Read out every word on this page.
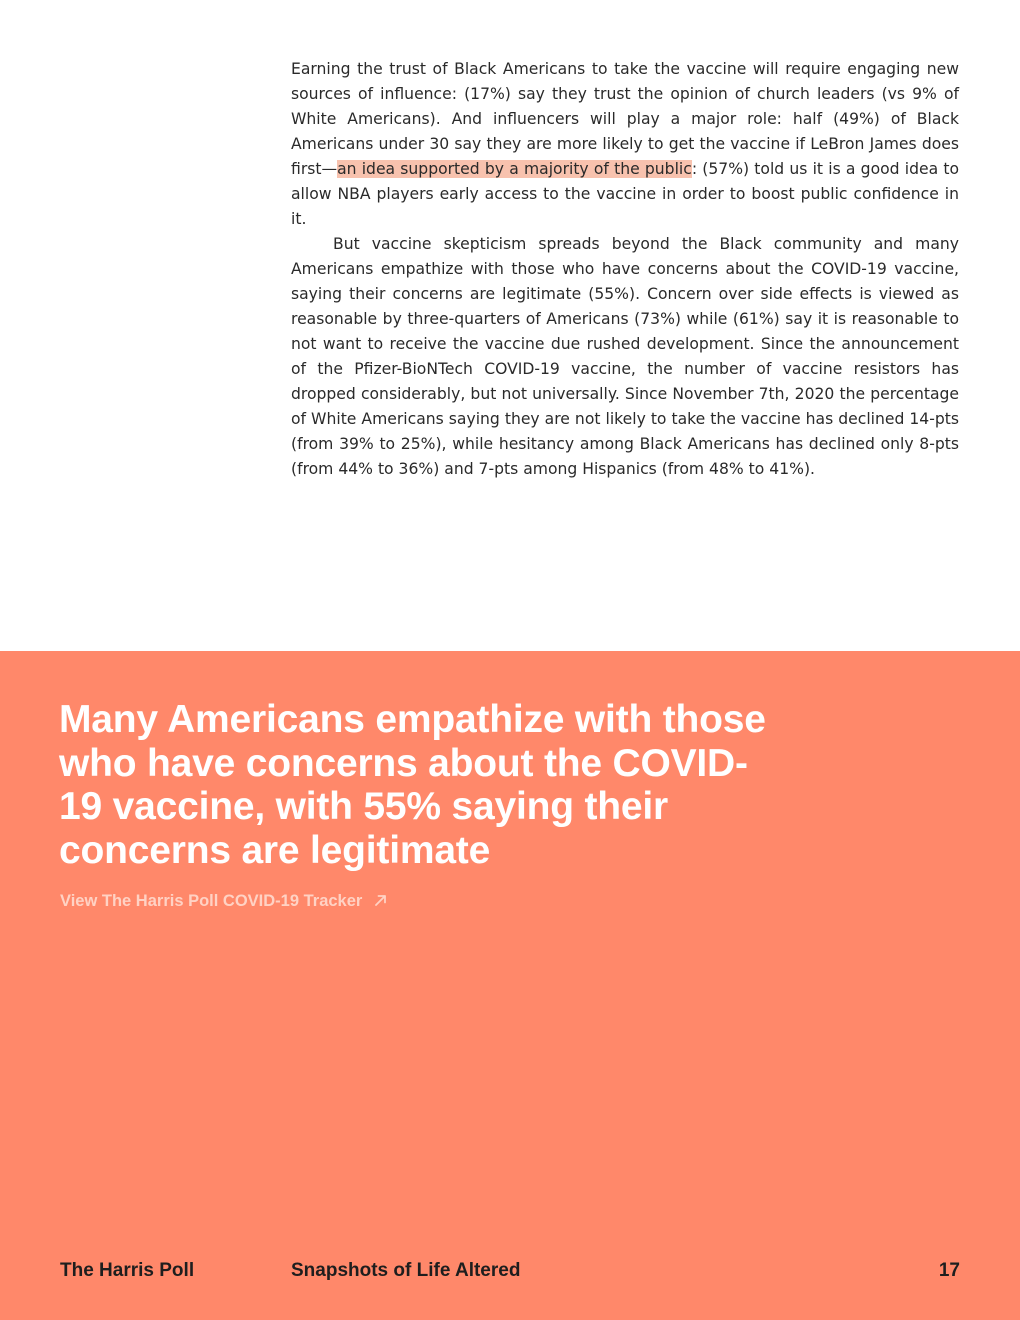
Earning the trust of Black Americans to take the vaccine will require engaging new sources of influence: (17%) say they trust the opinion of church leaders (vs 9% of White Americans). And influencers will play a major role: half (49%) of Black Americans under 30 say they are more likely to get the vaccine if LeBron James does first—an idea supported by a majority of the public: (57%) told us it is a good idea to allow NBA players early access to the vaccine in order to boost public confidence in it.

But vaccine skepticism spreads beyond the Black community and many Americans empathize with those who have concerns about the COVID-19 vaccine, saying their concerns are legitimate (55%). Concern over side effects is viewed as reasonable by three-quarters of Americans (73%) while (61%) say it is reasonable to not want to receive the vaccine due rushed development. Since the announcement of the Pfizer-BioNTech COVID-19 vaccine, the number of vaccine resistors has dropped considerably, but not universally. Since November 7th, 2020 the percentage of White Americans saying they are not likely to take the vaccine has declined 14-pts (from 39% to 25%), while hesitancy among Black Americans has declined only 8-pts (from 44% to 36%) and 7-pts among Hispanics (from 48% to 41%).

Many Americans empathize with those who have concerns about the COVID-19 vaccine, with 55% saying their concerns are legitimate
View The Harris Poll COVID-19 Tracker
The Harris Poll	Snapshots of Life Altered	17
